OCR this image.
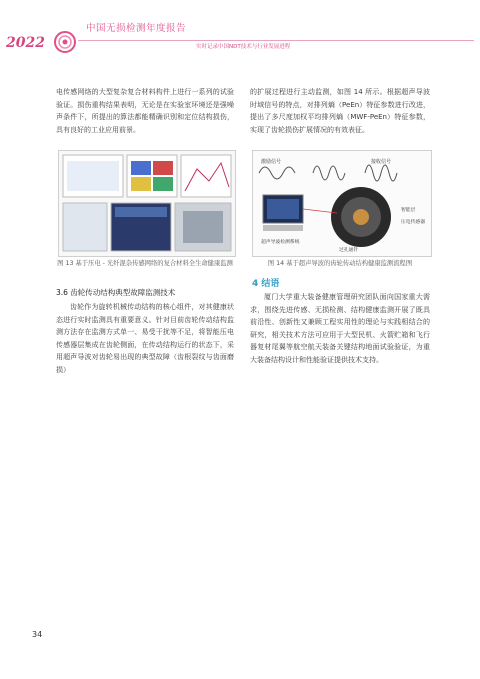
2022
中国无损检测年度报告
实时记录中国NDT技术与行业发展进程

电传感网络的大型复杂复合材料构件上进行一系列的试验验证。损伤重构结果表明，无论是在实验室环境还是强噪声条件下，所提出的算法都能精确识别和定位结构损伤，具有良好的工业应用前景。

图 13 基于压电 - 光纤混杂传感网络的复合材料全生命健康监测
3.6 齿轮传动结构典型故障监测技术

齿轮作为旋转机械传动结构的核心组件，对其健康状态进行实时监测具有重要意义。针对目前齿轮传动结构监测方法存在监测方式单一、易受干扰等不足，将智能压电传感器层集成在齿轮侧面，在传动结构运行的状态下，采用超声导波对齿轮易出现的典型故障（齿根裂纹与齿面磨损）

的扩展过程进行主动监测，如图 14 所示。根据超声导波时域信号的特点，对排列熵（PeEn）特征参数进行改进，提出了多尺度加权平均排列熵（MWF-PeEn）特征参数，实现了齿轮损伤扩展情况的有效表征。

激励信号	接收信号
超声导波检测系统
过孔通针
智能层
压电传感器
图 14 基于超声导波的齿轮传动结构健康监测流程图
4 结语

厦门大学重大装备健康管理研究团队面向国家重大需求，围绕先进传感、无损检测、结构健康监测开展了既具前沿性、创新性又兼顾工程实用性的理论与实践相结合的研究，相关技术方法可应用于大型民机、火箭贮箱和飞行器复材尾翼等航空航天装备关键结构地面试验验证，为重大装备结构设计和性能验证提供技术支持。

34
